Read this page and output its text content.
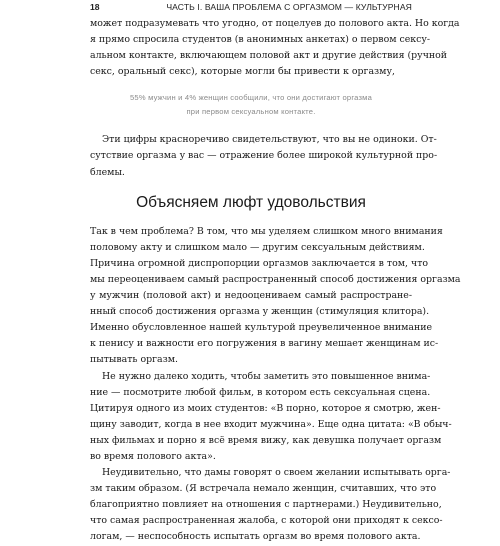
18	ЧАСТЬ I. ВАША ПРОБЛЕМА С ОРГАЗМОМ — КУЛЬТУРНАЯ

может подразумевать что угодно, от поцелуев до полового акта. Но когда
я прямо спросила студентов (в анонимных анкетах) о первом сексу-
альном контакте, включающем половой акт и другие действия (ручной
секс, оральный секс), которые могли бы привести к оргазму,

55% мужчин и 4% женщин сообщили, что они достигают оргазма
при первом сексуальном контакте.

Эти цифры красноречиво свидетельствуют, что вы не одиноки. От-
сутствие оргазма у вас — отражение более широкой культурной про-
блемы.

Объясняем люфт удовольствия

Так в чем проблема? В том, что мы уделяем слишком много внимания
половому акту и слишком мало — другим сексуальным действиям.
Причина огромной диспропорции оргазмов заключается в том, что
мы переоцениваем самый распространенный способ достижения оргазма
у мужчин (половой акт) и недооцениваем самый распростране-
нный способ достижения оргазма у женщин (стимуляция клитора).
Именно обусловленное нашей культурой преувеличенное внимание
к пенису и важности его погружения в вагину мешает женщинам ис-
пытывать оргазм.

Не нужно далеко ходить, чтобы заметить это повышенное внима-
ние — посмотрите любой фильм, в котором есть сексуальная сцена.
Цитируя одного из моих студентов: «В порно, которое я смотрю, жен-
щину заводит, когда в нее входит мужчина». Еще одна цитата: «В обыч-
ных фильмах и порно я всё время вижу, как девушка получает оргазм
во время полового акта».

Неудивительно, что дамы говорят о своем желании испытывать орга-
зм таким образом. (Я встречала немало женщин, считавших, что это
благоприятно повлияет на отношения с партнерами.) Неудивительно,
что самая распространенная жалоба, с которой они приходят к сексо-
логам, — неспособность испытать оргазм во время полового акта.
